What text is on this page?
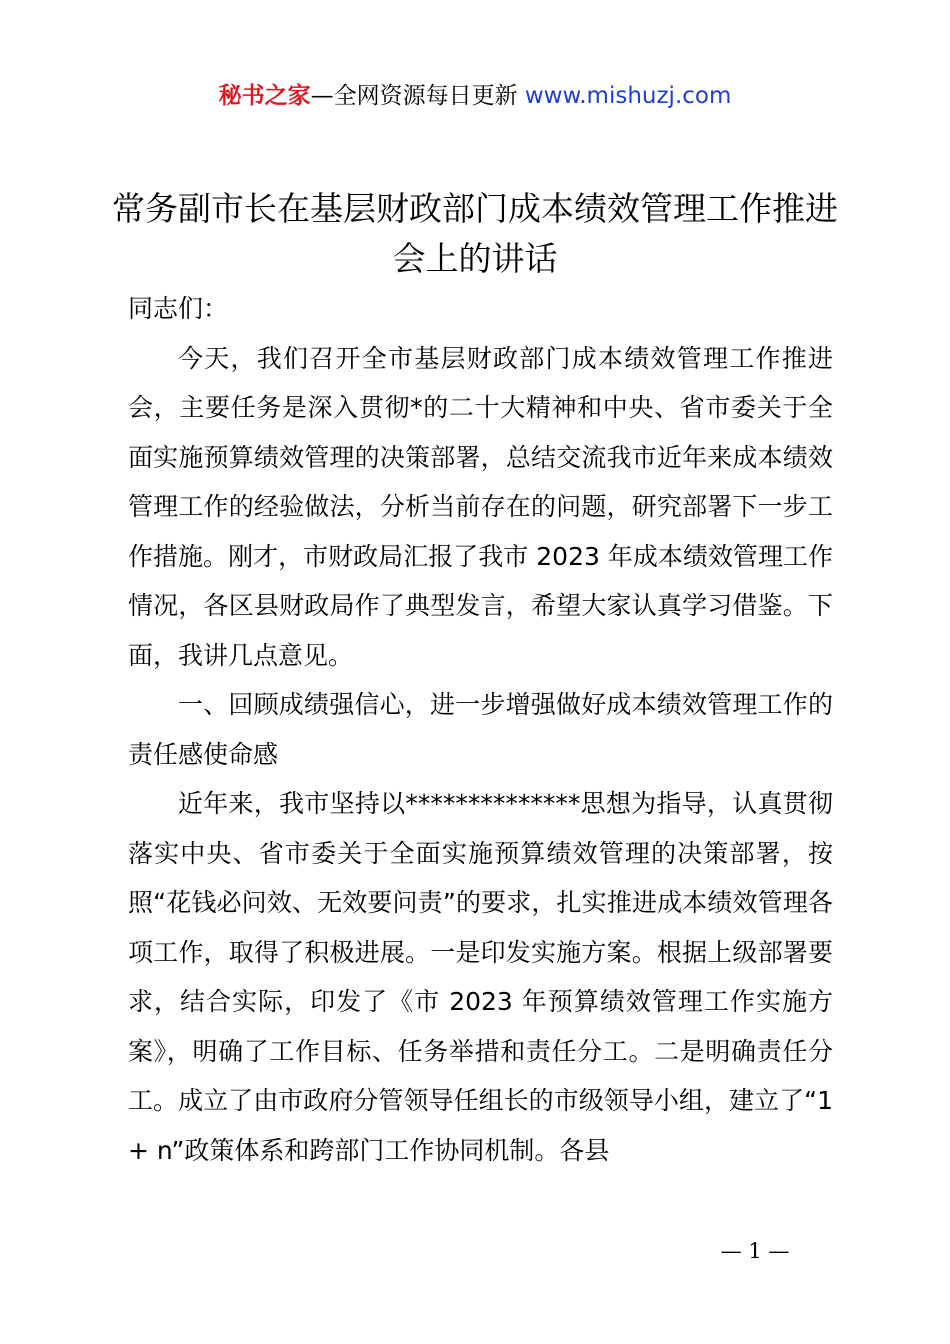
秘书之家—全网资源每日更新 www.mishuzj.com
常务副市长在基层财政部门成本绩效管理工作推进会上的讲话

同志们：

今天，我们召开全市基层财政部门成本绩效管理工作推进会，主要任务是深入贯彻*的二十大精神和中央、省市委关于全面实施预算绩效管理的决策部署，总结交流我市近年来成本绩效管理工作的经验做法，分析当前存在的问题，研究部署下一步工作措施。刚才，市财政局汇报了我市 2023 年成本绩效管理工作情况，各区县财政局作了典型发言，希望大家认真学习借鉴。下面，我讲几点意见。

一、回顾成绩强信心，进一步增强做好成本绩效管理工作的责任感使命感

近年来，我市坚持以**************思想为指导，认真贯彻落实中央、省市委关于全面实施预算绩效管理的决策部署，按照“花钱必问效、无效要问责”的要求，扎实推进成本绩效管理各项工作，取得了积极进展。一是印发实施方案。根据上级部署要求，结合实际，印发了《市 2023 年预算绩效管理工作实施方案》，明确了工作目标、任务举措和责任分工。二是明确责任分工。成立了由市政府分管领导任组长的市级领导小组，建立了“1 + n”政策体系和跨部门工作协同机制。各县

— 1 —
